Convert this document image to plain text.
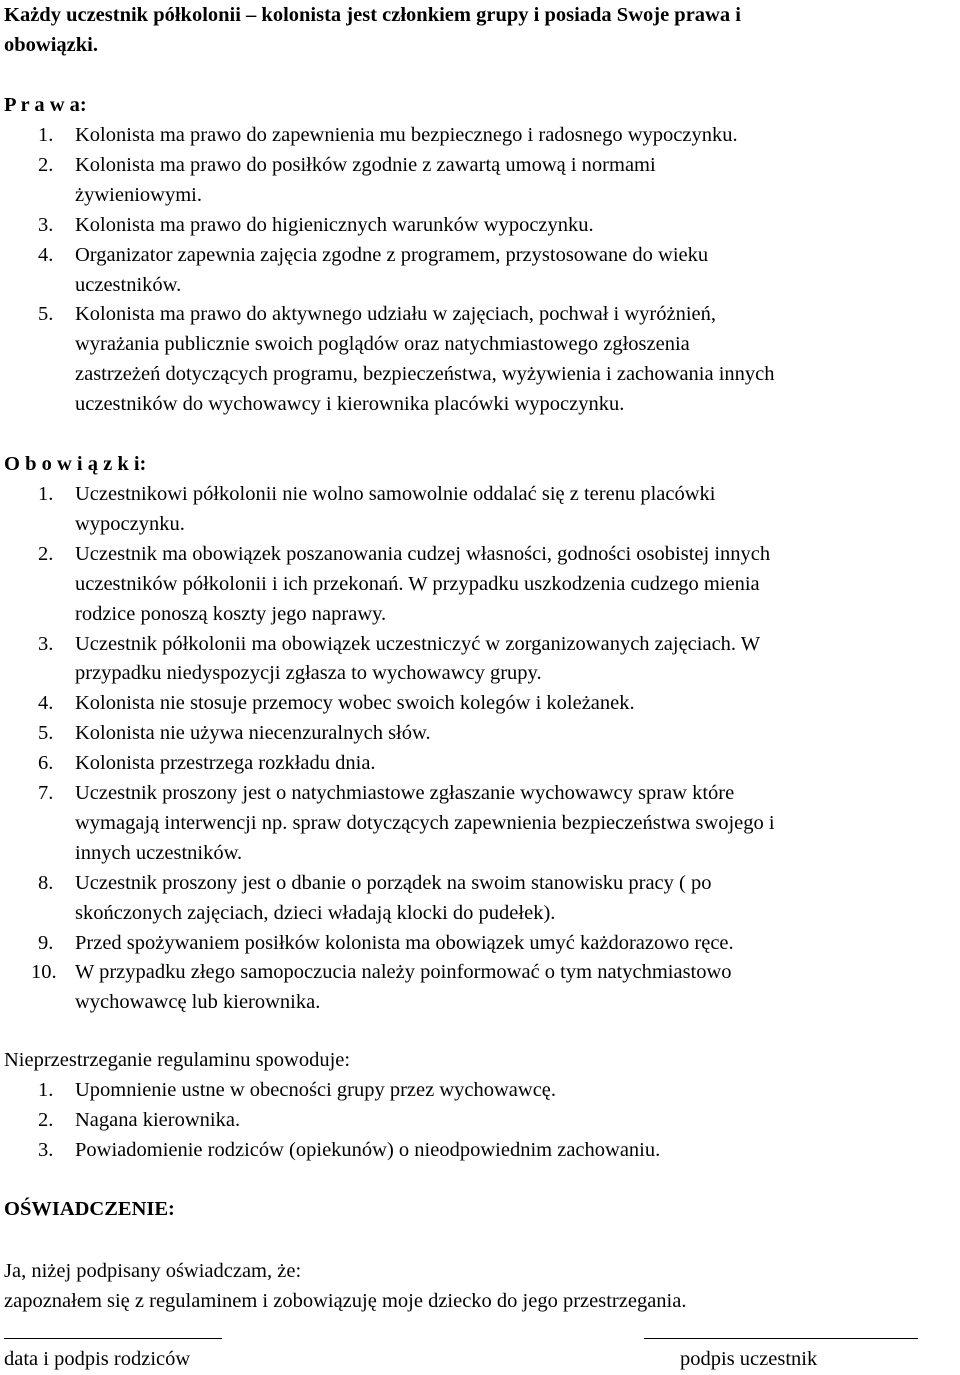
Każdy uczestnik półkolonii – kolonista jest członkiem grupy i posiada Swoje prawa i
obowiązki.
P r a w a:
1. Kolonista ma prawo do zapewnienia mu bezpiecznego i radosnego wypoczynku.
2. Kolonista ma prawo do posiłków zgodnie z zawartą umową i normami
żywieniowymi.
3. Kolonista ma prawo do higienicznych warunków wypoczynku.
4. Organizator zapewnia zajęcia zgodne z programem, przystosowane do wieku
uczestników.
5. Kolonista ma prawo do aktywnego udziału w zajęciach, pochwał i wyróżnień,
wyrażania publicznie swoich poglądów oraz natychmiastowego zgłoszenia
zastrzeżeń dotyczących programu, bezpieczeństwa, wyżywienia i zachowania innych
uczestników do wychowawcy i kierownika placówki wypoczynku.
O b o w i ą z k i:
1. Uczestnikowi półkolonii nie wolno samowolnie oddalać się z terenu placówki
wypoczynku.
2. Uczestnik ma obowiązek poszanowania cudzej własności, godności osobistej innych
uczestników półkolonii i ich przekonań. W przypadku uszkodzenia cudzego mienia
rodzice ponoszą koszty jego naprawy.
3. Uczestnik półkolonii ma obowiązek uczestniczyć w zorganizowanych zajęciach. W
przypadku niedyspozycji zgłasza to wychowawcy grupy.
4. Kolonista nie stosuje przemocy wobec swoich kolegów i koleżanek.
5. Kolonista nie używa niecenzuralnych słów.
6. Kolonista przestrzega rozkładu dnia.
7. Uczestnik proszony jest o natychmiastowe zgłaszanie wychowawcy spraw które
wymagają interwencji np. spraw dotyczących zapewnienia bezpieczeństwa swojego i
innych uczestników.
8. Uczestnik proszony jest o dbanie o porządek na swoim stanowisku pracy ( po
skończonych zajęciach, dzieci władają klocki do pudełek).
9. Przed spożywaniem posiłków kolonista ma obowiązek umyć każdorazowo ręce.
10. W przypadku złego samopoczucia należy poinformować o tym natychmiastowo
wychowawcę lub kierownika.
Nieprzestrzeganie regulaminu spowoduje:
1. Upomnienie ustne w obecności grupy przez wychowawcę.
2. Nagana kierownika.
3. Powiadomienie rodziców (opiekunów) o nieodpowiednim zachowaniu.
OŚWIADCZENIE:
Ja, niżej podpisany oświadczam, że:
zapoznałem się z regulaminem i zobowiązuję moje dziecko do jego przestrzegania.
data i podpis rodziców	podpis uczestnik
